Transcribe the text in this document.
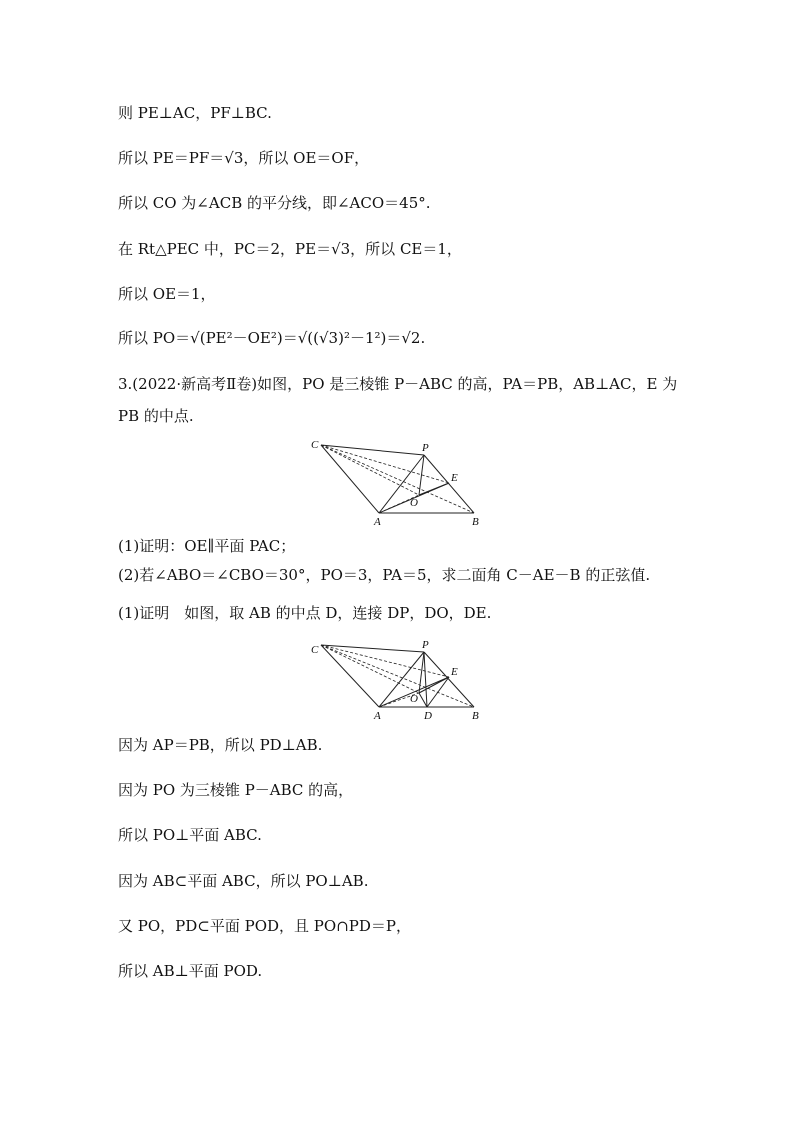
则 PE⊥AC，PF⊥BC.
所以 PE＝PF＝√3，所以 OE＝OF，
所以 CO 为∠ACB 的平分线，即∠ACO＝45°.
在 Rt△PEC 中，PC＝2，PE＝√3，所以 CE＝1，
所以 OE＝1，
所以 PO＝√(PE²－OE²)＝√((√3)²－1²)＝√2.
3.(2022·新高考Ⅱ卷)如图，PO 是三棱锥 P－ABC 的高，PA＝PB，AB⊥AC，E 为 PB 的中点.
C	P
E
O
A	B
(1)证明：OE∥平面 PAC；
(2)若∠ABO＝∠CBO＝30°，PO＝3，PA＝5，求二面角 C－AE－B 的正弦值.
(1)证明　如图，取 AB 的中点 D，连接 DP，DO，DE.
C	P
E
O
A	D	B
因为 AP＝PB，所以 PD⊥AB.
因为 PO 为三棱锥 P－ABC 的高，
所以 PO⊥平面 ABC.
因为 AB⊂平面 ABC，所以 PO⊥AB.
又 PO，PD⊂平面 POD，且 PO∩PD＝P，
所以 AB⊥平面 POD.
